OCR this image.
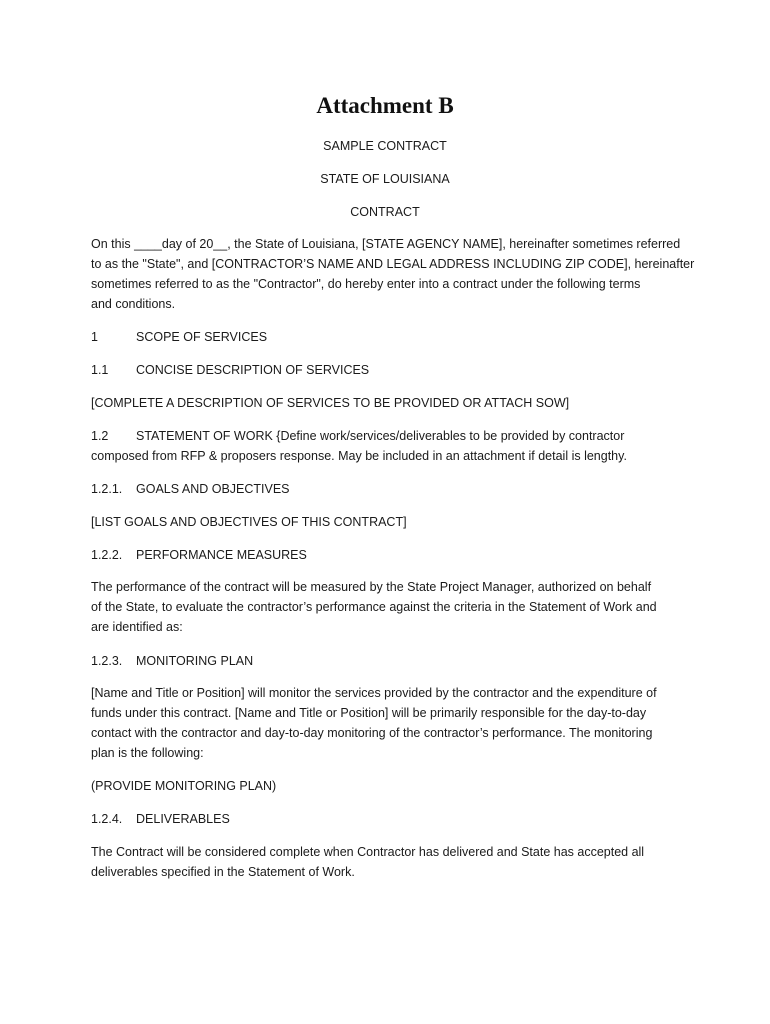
Attachment B
SAMPLE CONTRACT
STATE OF LOUISIANA
CONTRACT

On this ____day of 20__, the State of Louisiana, [STATE AGENCY NAME], hereinafter sometimes referred
to as the "State", and [CONTRACTOR’S NAME AND LEGAL ADDRESS INCLUDING ZIP CODE], hereinafter
sometimes referred to as the "Contractor", do hereby enter into a contract under the following terms
and conditions.

1	SCOPE OF SERVICES
1.1 CONCISE DESCRIPTION OF SERVICES
[COMPLETE A DESCRIPTION OF SERVICES TO BE PROVIDED OR ATTACH SOW]

1.2 STATEMENT OF WORK {Define work/services/deliverables to be provided by contractor
composed from RFP & proposers response. May be included in an attachment if detail is lengthy.

1.2.1. GOALS AND OBJECTIVES
[LIST GOALS AND OBJECTIVES OF THIS CONTRACT]
1.2.2. PERFORMANCE MEASURES

The performance of the contract will be measured by the State Project Manager, authorized on behalf
of the State, to evaluate the contractor’s performance against the criteria in the Statement of Work and
are identified as:

1.2.3. MONITORING PLAN

[Name and Title or Position] will monitor the services provided by the contractor and the expenditure of
funds under this contract. [Name and Title or Position] will be primarily responsible for the day-to-day
contact with the contractor and day-to-day monitoring of the contractor’s performance. The monitoring
plan is the following:

(PROVIDE MONITORING PLAN)
1.2.4. DELIVERABLES

The Contract will be considered complete when Contractor has delivered and State has accepted all
deliverables specified in the Statement of Work.
